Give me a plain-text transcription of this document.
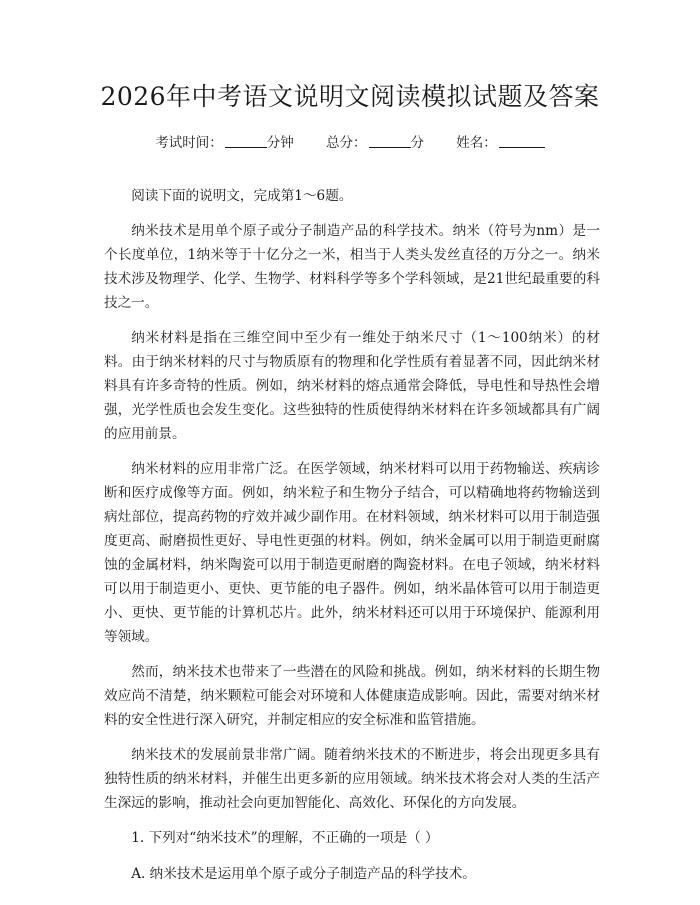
2026年中考语文说明文阅读模拟试题及答案
考试时间：	分钟 总分：	分 姓名：

阅读下面的说明文，完成第1～6题。

纳米技术是用单个原子或分子制造产品的科学技术。纳米（符号为nm）是一个长度单位，1纳米等于十亿分之一米，相当于人类头发丝直径的万分之一。纳米技术涉及物理学、化学、生物学、材料科学等多个学科领域，是21世纪最重要的科技之一。

纳米材料是指在三维空间中至少有一维处于纳米尺寸（1～100纳米）的材料。由于纳米材料的尺寸与物质原有的物理和化学性质有着显著不同，因此纳米材料具有许多奇特的性质。例如，纳米材料的熔点通常会降低，导电性和导热性会增强，光学性质也会发生变化。这些独特的性质使得纳米材料在许多领域都具有广阔的应用前景。

纳米材料的应用非常广泛。在医学领域，纳米材料可以用于药物输送、疾病诊断和医疗成像等方面。例如，纳米粒子和生物分子结合，可以精确地将药物输送到病灶部位，提高药物的疗效并减少副作用。在材料领域，纳米材料可以用于制造强度更高、耐磨损性更好、导电性更强的材料。例如，纳米金属可以用于制造更耐腐蚀的金属材料，纳米陶瓷可以用于制造更耐磨的陶瓷材料。在电子领域，纳米材料可以用于制造更小、更快、更节能的电子器件。例如，纳米晶体管可以用于制造更小、更快、更节能的计算机芯片。此外，纳米材料还可以用于环境保护、能源利用等领域。

然而，纳米技术也带来了一些潜在的风险和挑战。例如，纳米材料的长期生物效应尚不清楚，纳米颗粒可能会对环境和人体健康造成影响。因此，需要对纳米材料的安全性进行深入研究，并制定相应的安全标准和监管措施。

纳米技术的发展前景非常广阔。随着纳米技术的不断进步，将会出现更多具有独特性质的纳米材料，并催生出更多新的应用领域。纳米技术将会对人类的生活产生深远的影响，推动社会向更加智能化、高效化、环保化的方向发展。

1. 下列对“纳米技术”的理解，不正确的一项是（ ）

A. 纳米技术是运用单个原子或分子制造产品的科学技术。
